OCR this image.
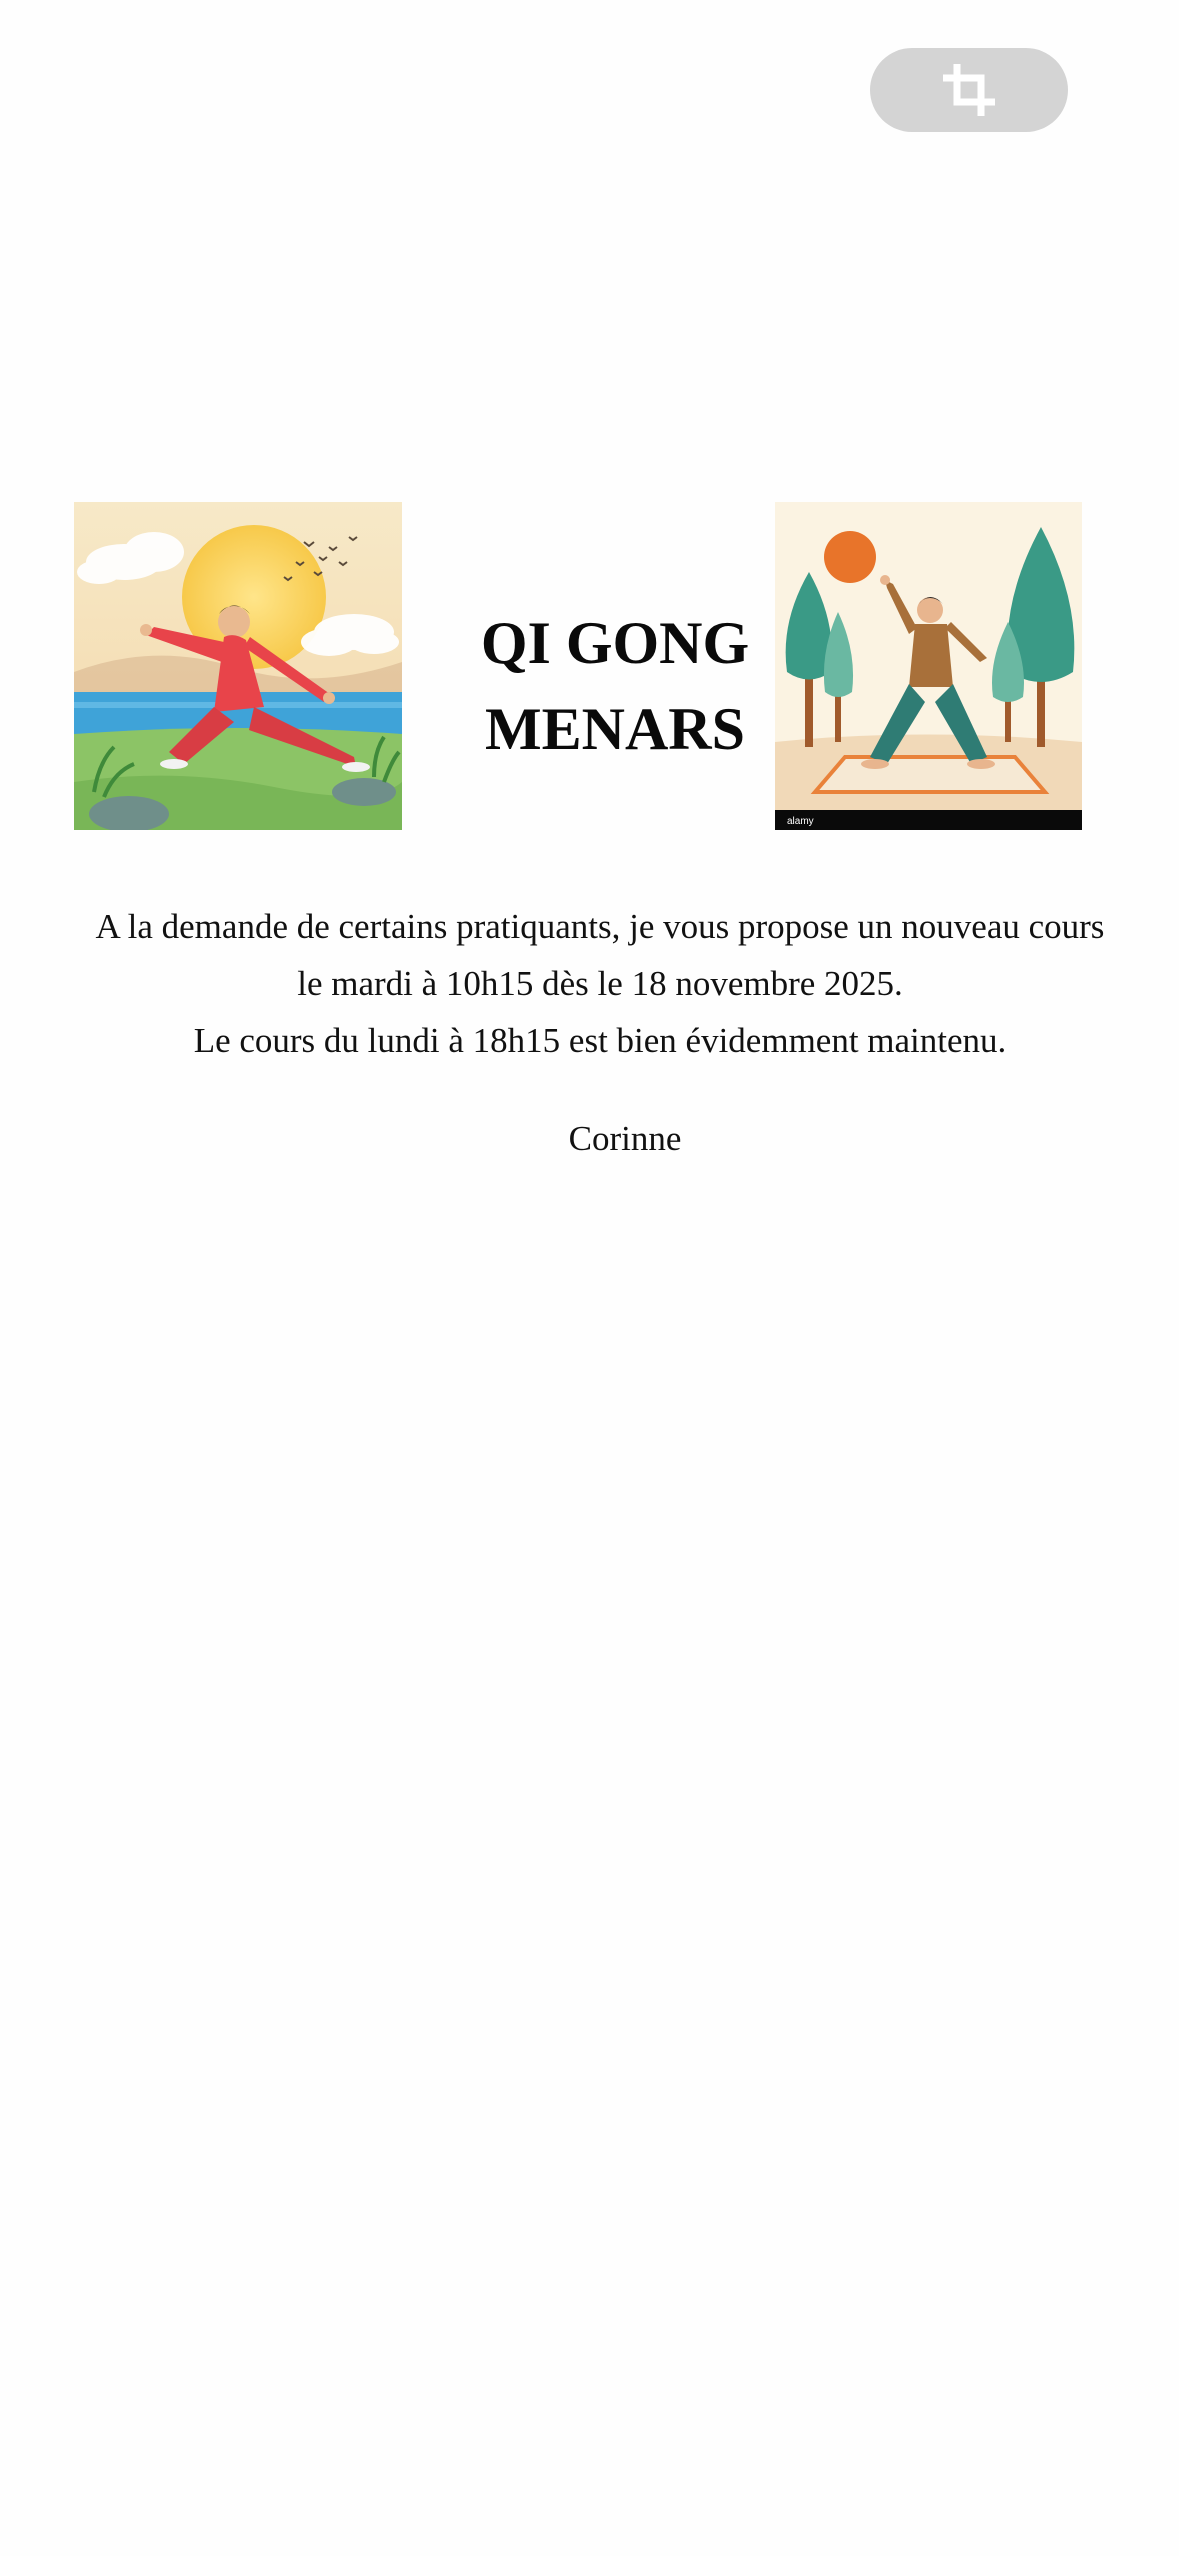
QI GONG
MENARS
alamy

A la demande de certains pratiquants, je vous propose un nouveau cours

le mardi à 10h15 dès le 18 novembre 2025.

Le cours du lundi à 18h15 est bien évidemment maintenu.

Corinne
